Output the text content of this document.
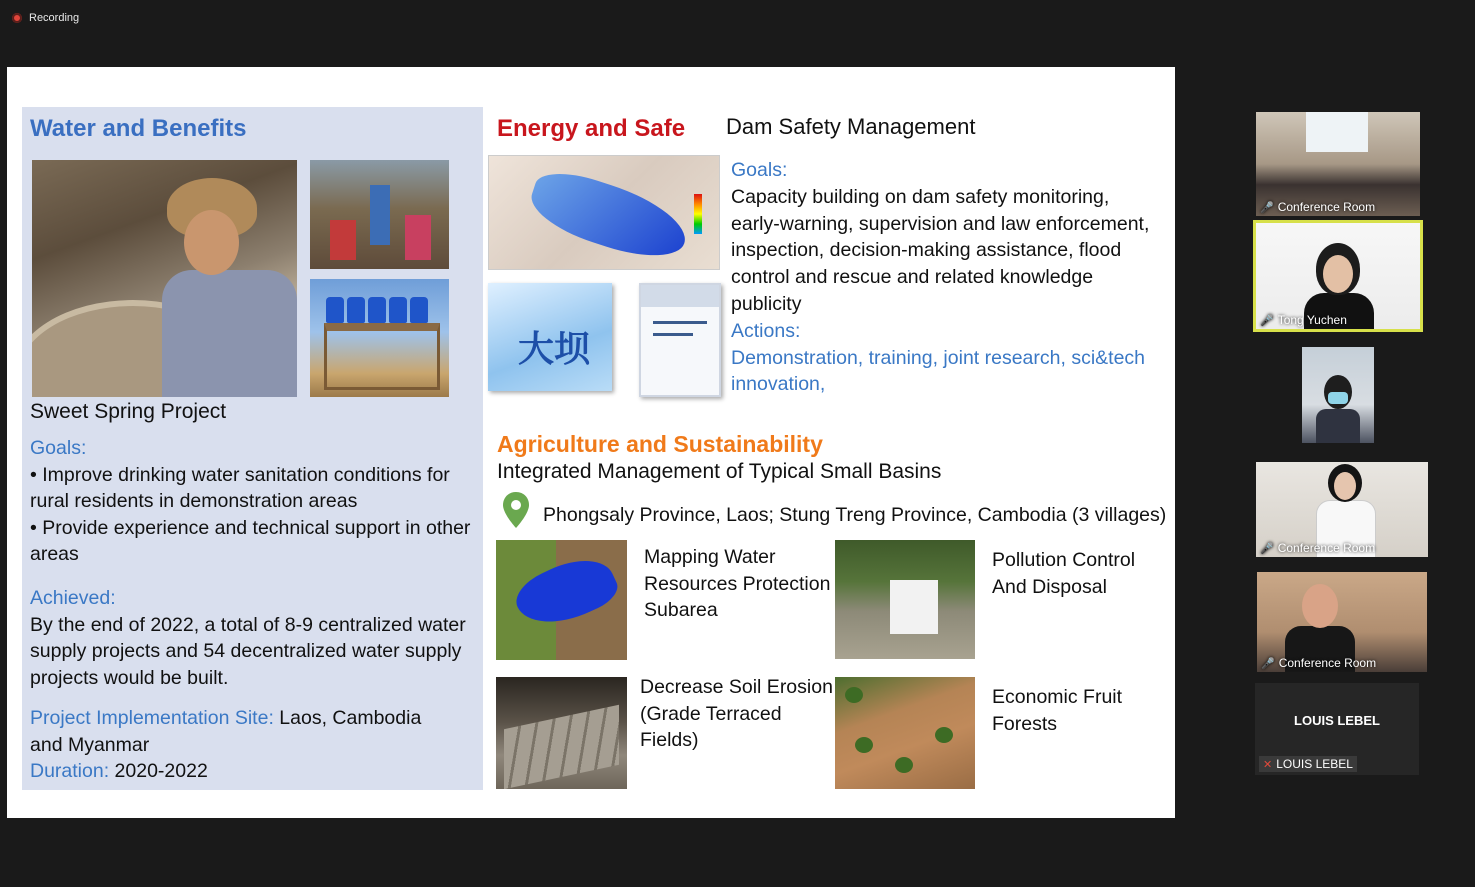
Recording
Water and Benefits
Sweet Spring Project
Goals:
• Improve drinking water sanitation conditions for rural residents in demonstration areas
• Provide experience and technical support in other areas
Achieved:
By the end of 2022, a total of 8-9 centralized water supply projects and 54 decentralized water supply projects would be built.
Project Implementation Site: Laos, Cambodia and Myanmar
Duration: 2020-2022
Energy and Safe Dam Safety Management
大坝
Goals:
Capacity building on dam safety monitoring, early-warning, supervision and law enforcement, inspection, decision-making assistance, flood control and rescue and related knowledge publicity
Actions:
Demonstration, training, joint research, sci&tech innovation,
Agriculture and Sustainability
Integrated Management of Typical Small Basins
Phongsaly Province, Laos; Stung Treng Province, Cambodia (3 villages)
Mapping Water Resources Protection Subarea
Pollution Control And Disposal
Decrease Soil Erosion (Grade Terraced Fields)
Economic Fruit Forests
🎤 Conference Room
🎤 Tong Yuchen
🎤 Conference Room
🎤 Conference Room
LOUIS LEBEL
✕ LOUIS LEBEL
